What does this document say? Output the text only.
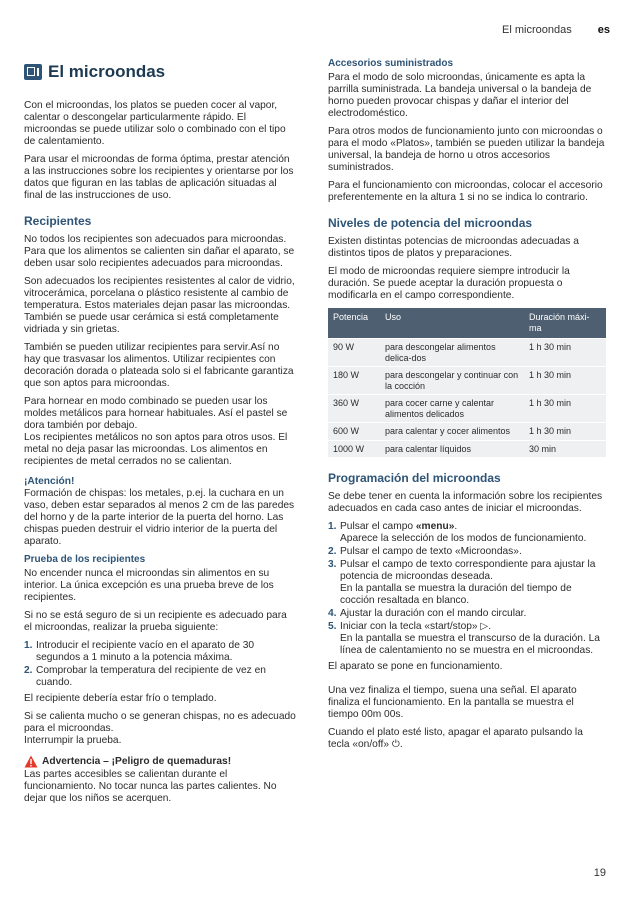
El microondas es
El microondas

Con el microondas, los platos se pueden cocer al vapor, calentar o descongelar particularmente rápido. El microondas se puede utilizar solo o combinado con el tipo de calentamiento.

Para usar el microondas de forma óptima, prestar atención a las instrucciones sobre los recipientes y orientarse por los datos que figuran en las tablas de aplicación situadas al final de las instrucciones de uso.

Recipientes

No todos los recipientes son adecuados para microondas. Para que los alimentos se calienten sin dañar el aparato, se deben usar solo recipientes adecuados para microondas.

Son adecuados los recipientes resistentes al calor de vidrio, vitrocerámica, porcelana o plástico resistente al cambio de temperatura. Estos materiales dejan pasar las microondas. También se puede usar cerámica si está completamente vidriada y sin grietas.

También se pueden utilizar recipientes para servir.Así no hay que trasvasar los alimentos. Utilizar recipientes con decoración dorada o plateada solo si el fabricante garantiza que son aptos para microondas.

Para hornear en modo combinado se pueden usar los moldes metálicos para hornear habituales. Así el pastel se dora también por debajo.

Los recipientes metálicos no son aptos para otros usos. El metal no deja pasar las microondas. Los alimentos en recipientes de metal cerrados no se calientan.

¡Atención!

Formación de chispas: los metales, p.ej. la cuchara en un vaso, deben estar separados al menos 2 cm de las paredes del horno y de la parte interior de la puerta del horno. Las chispas pueden destruir el vidrio interior de la puerta del aparato.

Prueba de los recipientes

No encender nunca el microondas sin alimentos en su interior. La única excepción es una prueba breve de los recipientes.

Si no se está seguro de si un recipiente es adecuado para el microondas, realizar la prueba siguiente:

1. Introducir el recipiente vacío en el aparato de 30 segundos a 1 minuto a la potencia máxima.
2. Comprobar la temperatura del recipiente de vez en cuando.

El recipiente debería estar frío o templado.

Si se calienta mucho o se generan chispas, no es adecuado para el microondas.

Interrumpir la prueba.

Advertencia – ¡Peligro de quemaduras!

Las partes accesibles se calientan durante el funcionamiento. No tocar nunca las partes calientes. No dejar que los niños se acerquen.

Accesorios suministrados

Para el modo de solo microondas, únicamente es apta la parrilla suministrada. La bandeja universal o la bandeja de horno pueden provocar chispas y dañar el interior del electrodoméstico.

Para otros modos de funcionamiento junto con microondas o para el modo «Platos», también se pueden utilizar la bandeja universal, la bandeja de horno u otros accesorios suministrados.

Para el funcionamiento con microondas, colocar el accesorio preferentemente en la altura 1 si no se indica lo contrario.

Niveles de potencia del microondas

Existen distintas potencias de microondas adecuadas a distintos tipos de platos y preparaciones.

El modo de microondas requiere siempre introducir la duración. Se puede aceptar la duración propuesta o modificarla en el campo correspondiente.

Potencia	Uso	Duración máxi-ma
90 W	para descongelar alimentos delica-dos	1 h 30 min
180 W	para descongelar y continuar con la cocción	1 h 30 min
360 W	para cocer carne y calentar alimentos delicados	1 h 30 min
600 W	para calentar y cocer alimentos	1 h 30 min
1000 W	para calentar líquidos	30 min
Programación del microondas

Se debe tener en cuenta la información sobre los recipientes adecuados en cada caso antes de iniciar el microondas.

1. Pulsar el campo «menu».
Aparece la selección de los modos de funcionamiento.
2. Pulsar el campo de texto «Microondas».
3. Pulsar el campo de texto correspondiente para ajustar la potencia de microondas deseada.
En la pantalla se muestra la duración del tiempo de cocción resaltada en blanco.
4. Ajustar la duración con el mando circular.
5. Iniciar con la tecla «start/stop» ▷.
En la pantalla se muestra el transcurso de la duración. La línea de calentamiento no se muestra en el microondas.

El aparato se pone en funcionamiento.

Una vez finaliza el tiempo, suena una señal. El aparato finaliza el funcionamiento. En la pantalla se muestra el tiempo 00m 00s.

Cuando el plato esté listo, apagar el aparato pulsando la tecla «on/off» ⏻.

19
